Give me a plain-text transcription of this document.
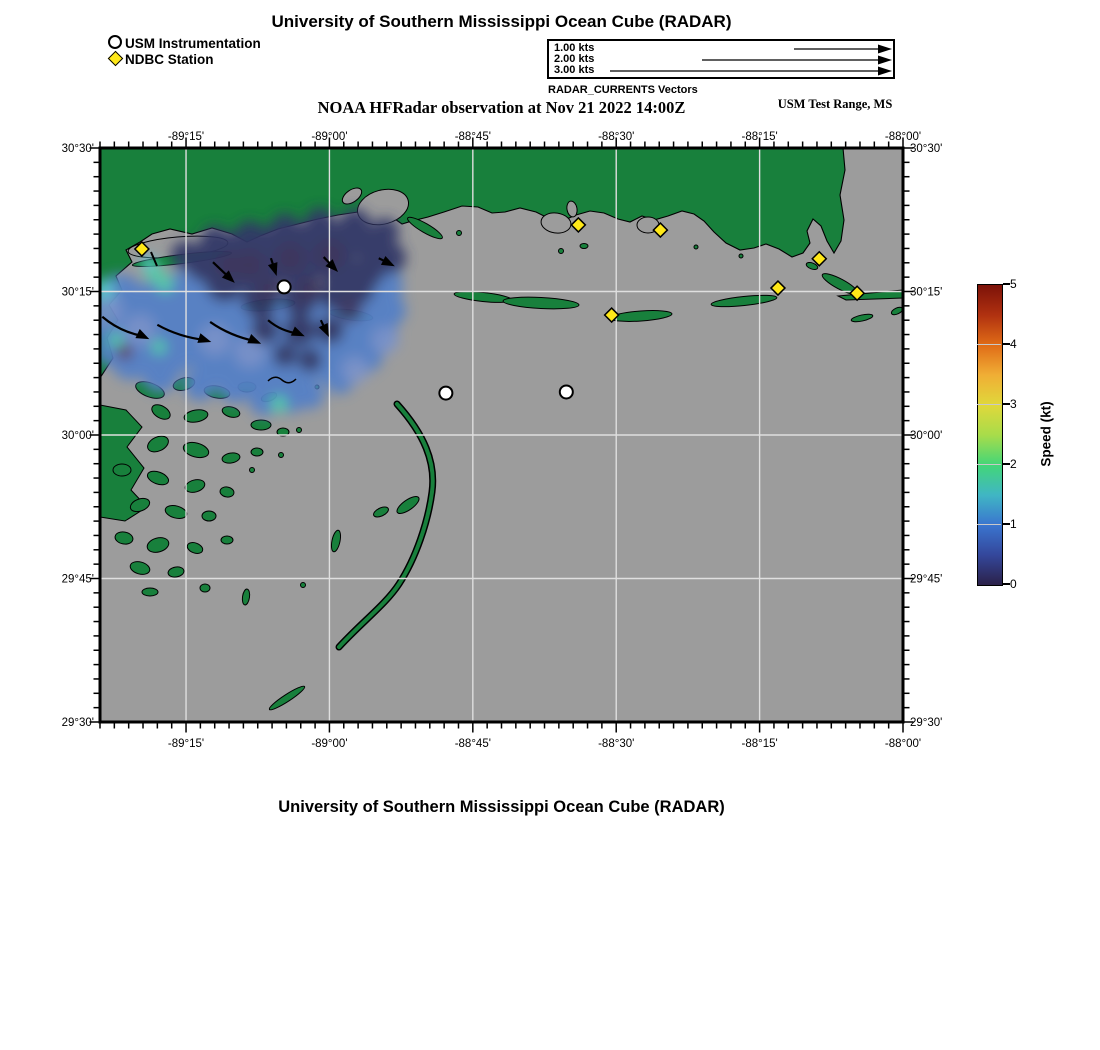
University of Southern Mississippi Ocean Cube (RADAR)
USM Instrumentation
NDBC Station
1.00 kts
2.00 kts
3.00 kts
RADAR_CURRENTS Vectors
NOAA HFRadar observation at Nov 21 2022 14:00Z	USM Test Range, MS
-89°15'
-89°15'
-89°00'
-89°00'
-88°45'
-88°45'
-88°30'
-88°30'
-88°15'
-88°15'
-88°00'
-88°00'
30°30'	30°30'
30°15'	30°15'
30°00'	30°00'
29°45'	29°45'
29°30'	29°30'
0
1
2
3
4
5
Speed (kt)
University of Southern Mississippi Ocean Cube (RADAR)
